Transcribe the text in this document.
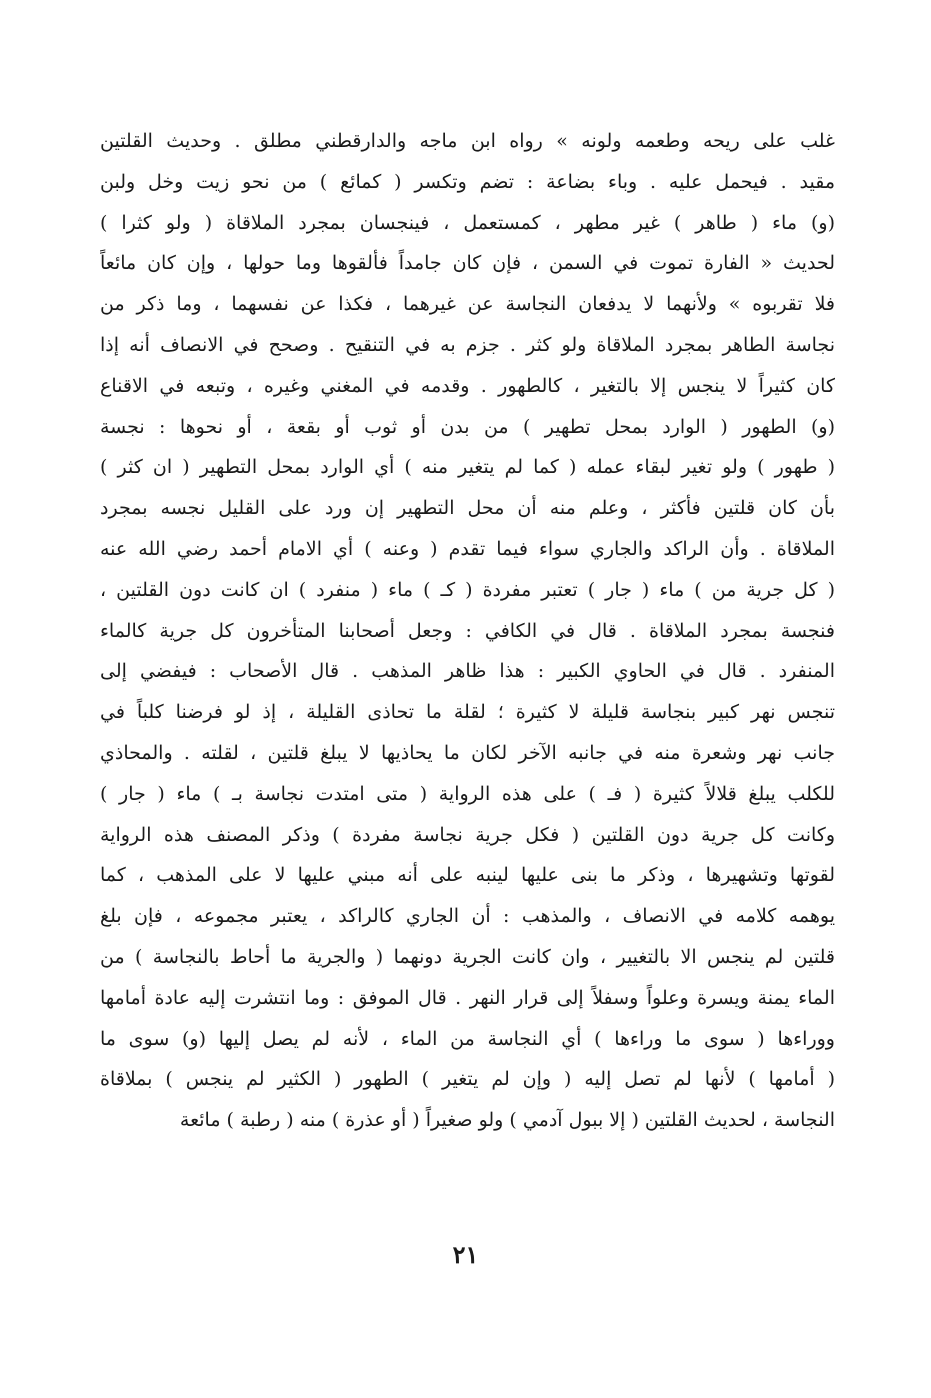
غلب على ريحه وطعمه ولونه » رواه ابن ماجه والدارقطني مطلق . وحديث القلتين
مقيد . فيحمل عليه . وباء بضاعة : تضم وتكسر ( كمائع ) من نحو زيت وخل ولبن
(و) ماء ( طاهر ) غير مطهر ، كمستعمل ، فينجسان بمجرد الملاقاة ( ولو كثرا )
لحديث « الفارة تموت في السمن ، فإن كان جامداً فألقوها وما حولها ، وإن كان مائعاً
فلا تقربوه » ولأنهما لا يدفعان النجاسة عن غيرهما ، فكذا عن نفسهما ، وما ذكر من
نجاسة الطاهر بمجرد الملاقاة ولو كثر . جزم به في التنقيح . وصحح في الانصاف أنه إذا
كان كثيراً لا ينجس إلا بالتغير ، كالطهور . وقدمه في المغني وغيره ، وتبعه في الاقناع
(و) الطهور ( الوارد بمحل تطهير ) من بدن أو ثوب أو بقعة ، أو نحوها : نجسة
( طهور ) ولو تغير لبقاء عمله ( كما لم يتغير منه ) أي الوارد بمحل التطهير ( ان كثر )
بأن كان قلتين فأكثر ، وعلم منه أن محل التطهير إن ورد على القليل نجسه بمجرد
الملاقاة . وأن الراكد والجاري سواء فيما تقدم ( وعنه ) أي الامام أحمد رضي الله عنه
( كل جرية من ) ماء ( جار ) تعتبر مفردة ( كـ ) ماء ( منفرد ) ان كانت دون القلتين ،
فنجسة بمجرد الملاقاة . قال في الكافي : وجعل أصحابنا المتأخرون كل جرية كالماء
المنفرد . قال في الحاوي الكبير : هذا ظاهر المذهب . قال الأصحاب : فيفضي إلى
تنجس نهر كبير بنجاسة قليلة لا كثيرة ؛ لقلة ما تحاذى القليلة ، إذ لو فرضنا كلباً في
جانب نهر وشعرة منه في جانبه الآخر لكان ما يحاذيها لا يبلغ قلتين ، لقلته . والمحاذي
للكلب يبلغ قلالاً كثيرة ( فـ ) على هذه الرواية ( متى امتدت نجاسة بـ ) ماء ( جار )
وكانت كل جرية دون القلتين ( فكل جرية نجاسة مفردة ) وذكر المصنف هذه الرواية
لقوتها وتشهيرها ، وذكر ما بنى عليها لينبه على أنه مبني عليها لا على المذهب ، كما
يوهمه كلامه في الانصاف ، والمذهب : أن الجاري كالراكد ، يعتبر مجموعه ، فإن بلغ
قلتين لم ينجس الا بالتغيير ، وان كانت الجرية دونهما ( والجرية ما أحاط بالنجاسة ) من
الماء يمنة ويسرة وعلواً وسفلاً إلى قرار النهر . قال الموفق : وما انتشرت إليه عادة أمامها
ووراءها ( سوى ما وراءها ) أي النجاسة من الماء ، لأنه لم يصل إليها (و) سوى ما
( أمامها ) لأنها لم تصل إليه ( وإن لم يتغير ) الطهور ( الكثير لم ينجس ) بملاقاة
النجاسة ، لحديث القلتين ( إلا ببول آدمي ) ولو صغيراً ( أو عذرة ) منه ( رطبة ) مائعة
٢١
